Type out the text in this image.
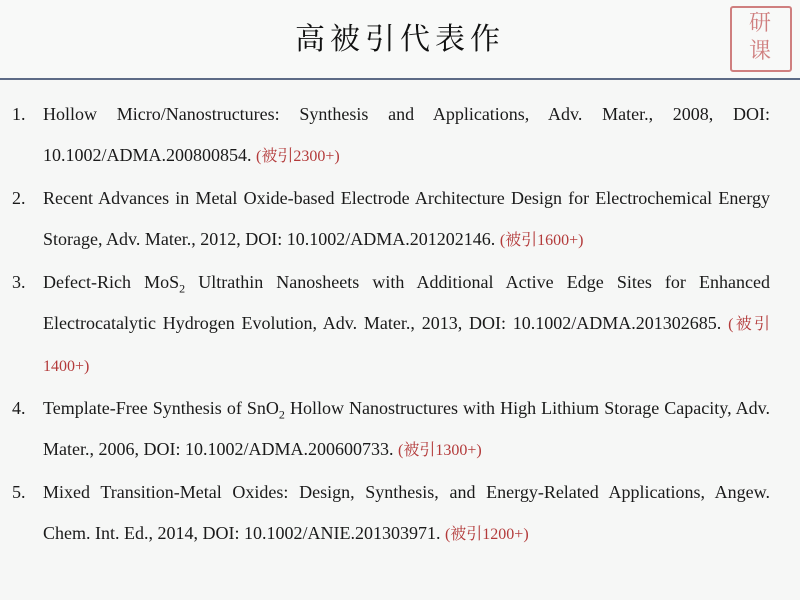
高被引代表作	研
课
1. Hollow Micro/Nanostructures: Synthesis and Applications, Adv. Mater., 2008, DOI: 10.1002/ADMA.200800854. (被引2300+)
2. Recent Advances in Metal Oxide-based Electrode Architecture Design for Electrochemical Energy Storage, Adv. Mater., 2012, DOI: 10.1002/ADMA.201202146. (被引1600+)
3. Defect-Rich MoS$_2$ Ultrathin Nanosheets with Additional Active Edge Sites for Enhanced Electrocatalytic Hydrogen Evolution, Adv. Mater., 2013, DOI: 10.1002/ADMA.201302685. (被引1400+)
4. Template-Free Synthesis of SnO$_2$ Hollow Nanostructures with High Lithium Storage Capacity, Adv. Mater., 2006, DOI: 10.1002/ADMA.200600733. (被引1300+)
5. Mixed Transition-Metal Oxides: Design, Synthesis, and Energy-Related Applications, Angew. Chem. Int. Ed., 2014, DOI: 10.1002/ANIE.201303971. (被引1200+)
